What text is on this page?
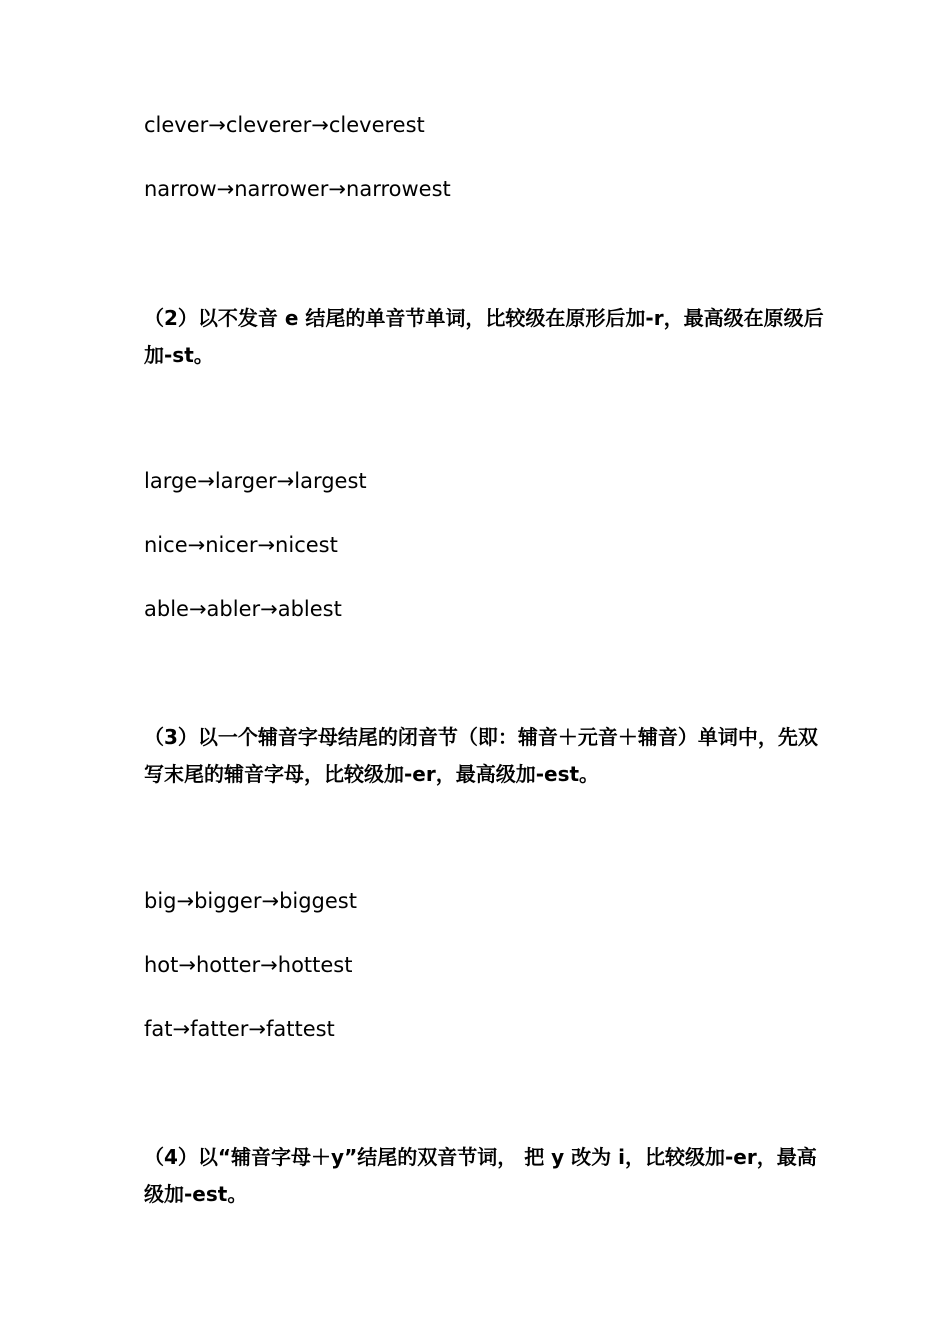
clever→cleverer→cleverest
narrow→narrower→narrowest
（2）以不发音 e 结尾的单音节单词，比较级在原形后加-r，最高级在原级后加-st。
large→larger→largest
nice→nicer→nicest
able→abler→ablest
（3）以一个辅音字母结尾的闭音节（即：辅音＋元音＋辅音）单词中，先双写末尾的辅音字母，比较级加-er，最高级加-est。
big→bigger→biggest
hot→hotter→hottest
fat→fatter→fattest
（4）以“辅音字母＋y”结尾的双音节词， 把 y 改为 i，比较级加-er，最高级加-est。
